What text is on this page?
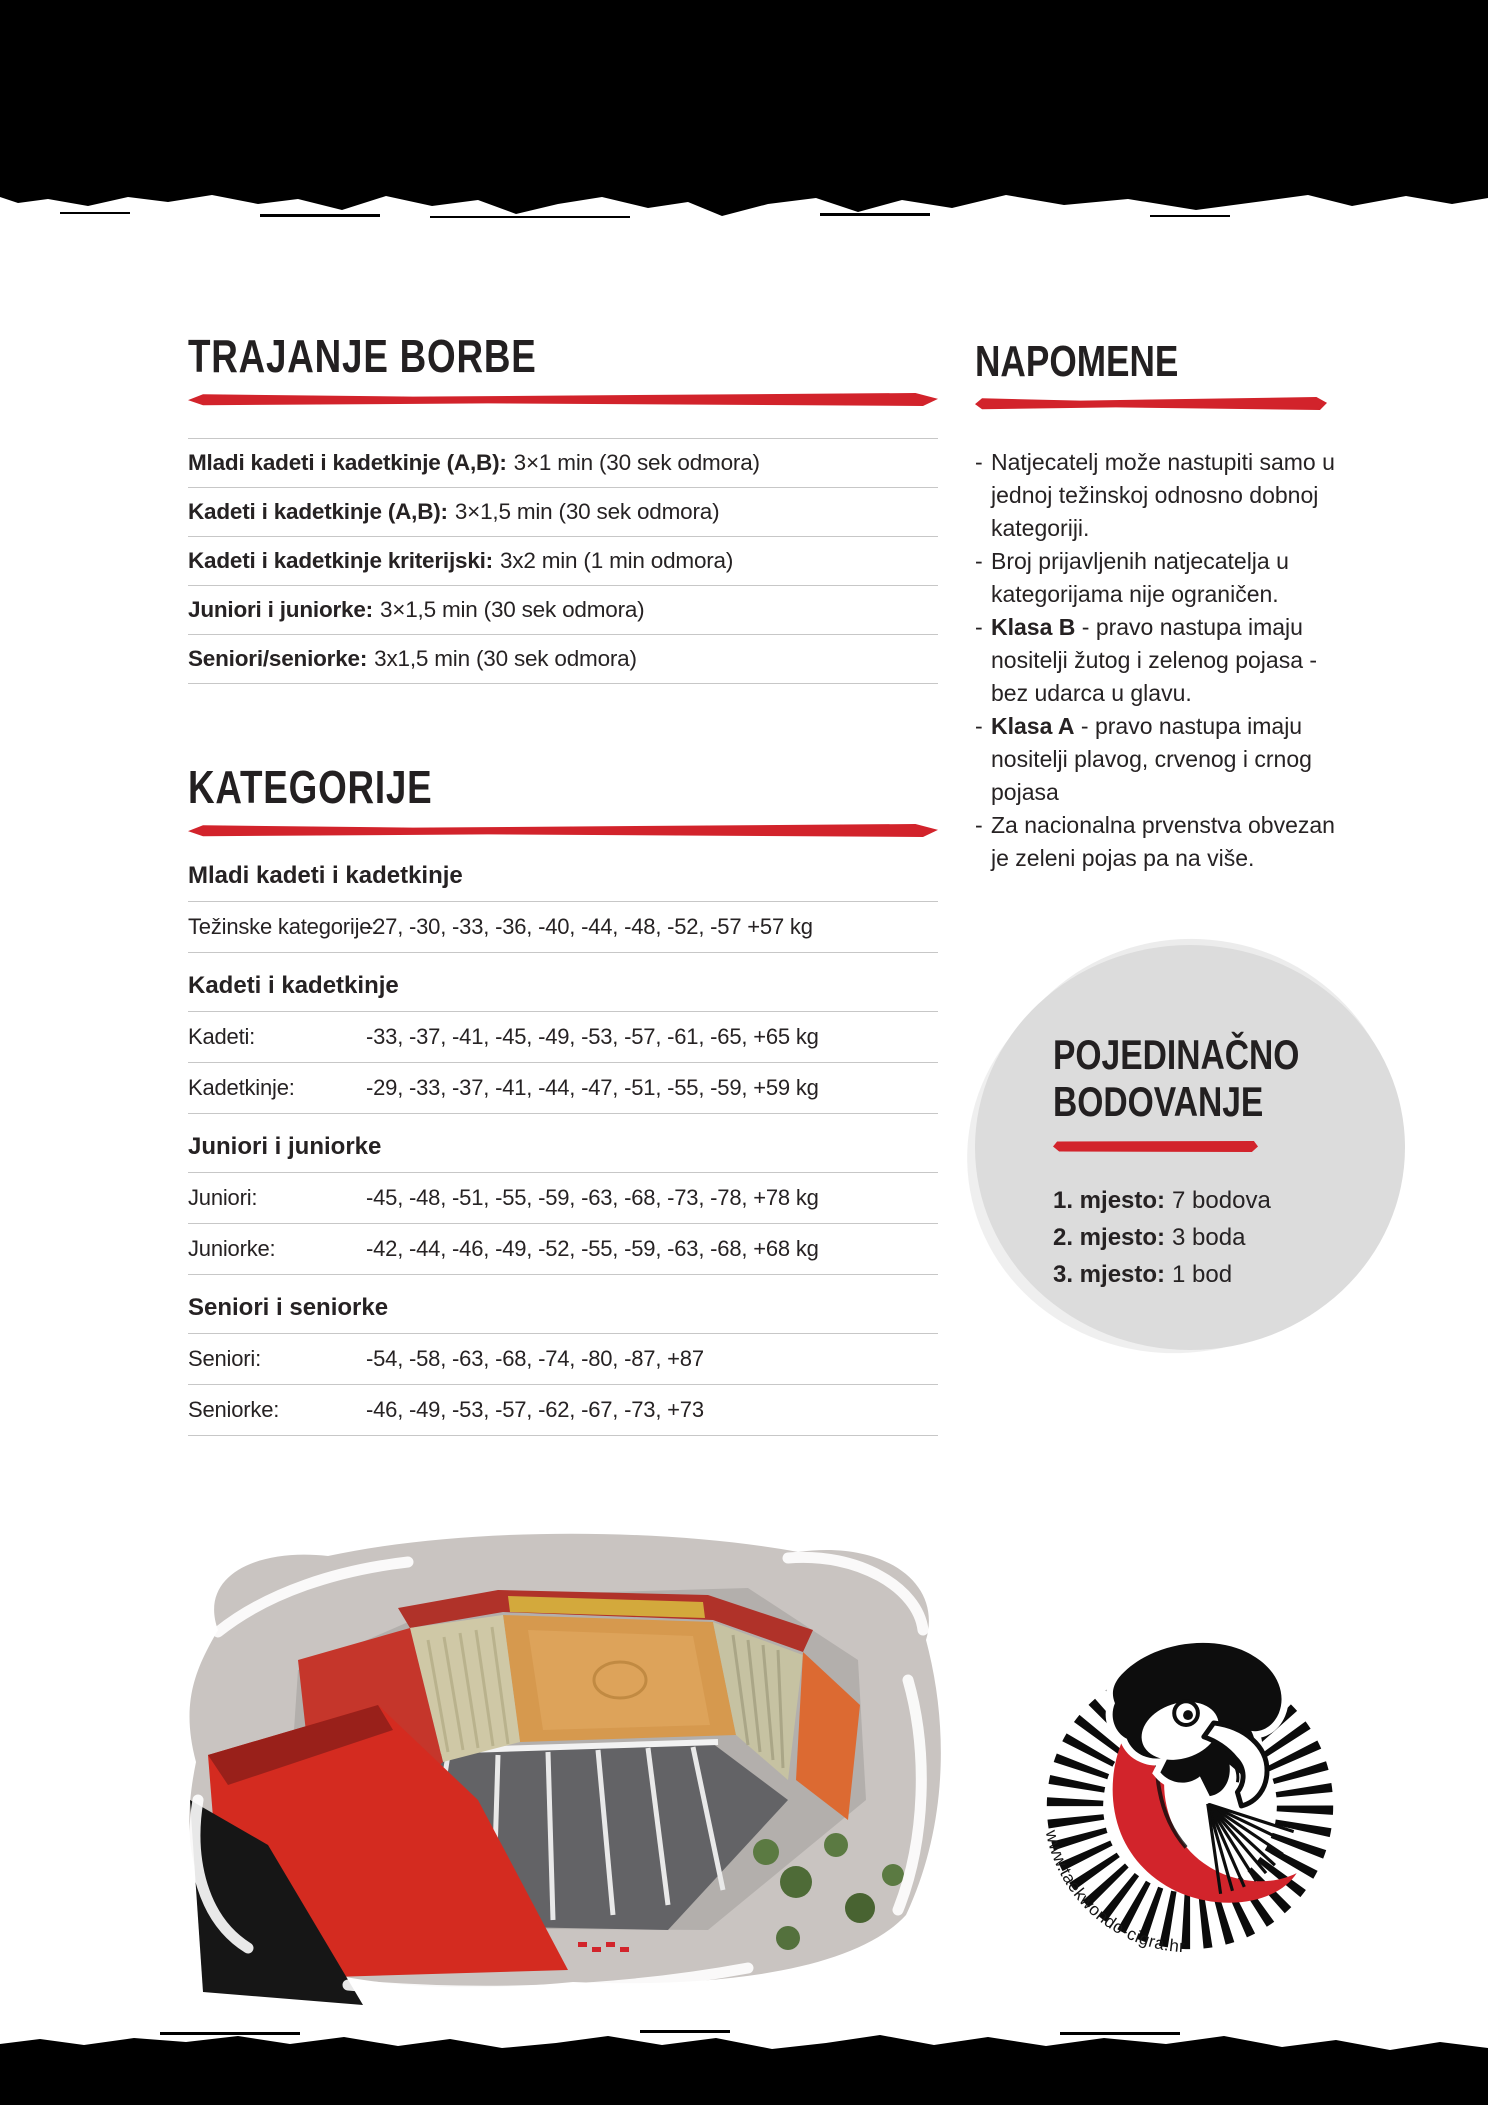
TRAJANJE BORBE
Mladi kadeti i kadetkinje (A,B): 3×1 min (30 sek odmora)
Kadeti i kadetkinje (A,B): 3×1,5 min (30 sek odmora)
Kadeti i kadetkinje kriterijski: 3x2 min (1 min odmora)
Juniori i juniorke: 3×1,5 min (30 sek odmora)
Seniori/seniorke: 3x1,5 min (30 sek odmora)
KATEGORIJE
Mladi kadeti i kadetkinje
Težinske kategorije:
-27, -30, -33, -36, -40, -44, -48, -52, -57 +57 kg
Kadeti i kadetkinje
Kadeti:	-33, -37, -41, -45, -49, -53, -57, -61, -65, +65 kg
Kadetkinje:	-29, -33, -37, -41, -44, -47, -51, -55, -59, +59 kg
Juniori i juniorke
Juniori:	-45, -48, -51, -55, -59, -63, -68, -73, -78, +78 kg
Juniorke:	-42, -44, -46, -49, -52, -55, -59, -63, -68, +68 kg
Seniori i seniorke
Seniori:	-54, -58, -63, -68, -74, -80, -87, +87
Seniorke:	-46, -49, -53, -57, -62, -67, -73, +73
NAPOMENE
- Natjecatelj može nastupiti samo u jednoj težinskoj odnosno dobnoj kategoriji.
- Broj prijavljenih natjecatelja u kategorijama nije ograničen.
- Klasa B - pravo nastupa imaju nositelji žutog i zelenog pojasa - bez udarca u glavu.
- Klasa A - pravo nastupa imaju nositelji plavog, crvenog i crnog pojasa
- Za nacionalna prvenstva obvezan je zeleni pojas pa na više.
POJEDINAČNO
BODOVANJE
1. mjesto: 7 bodova
2. mjesto: 3 boda
3. mjesto: 1 bod
www.taekwondo-cigra.hr
